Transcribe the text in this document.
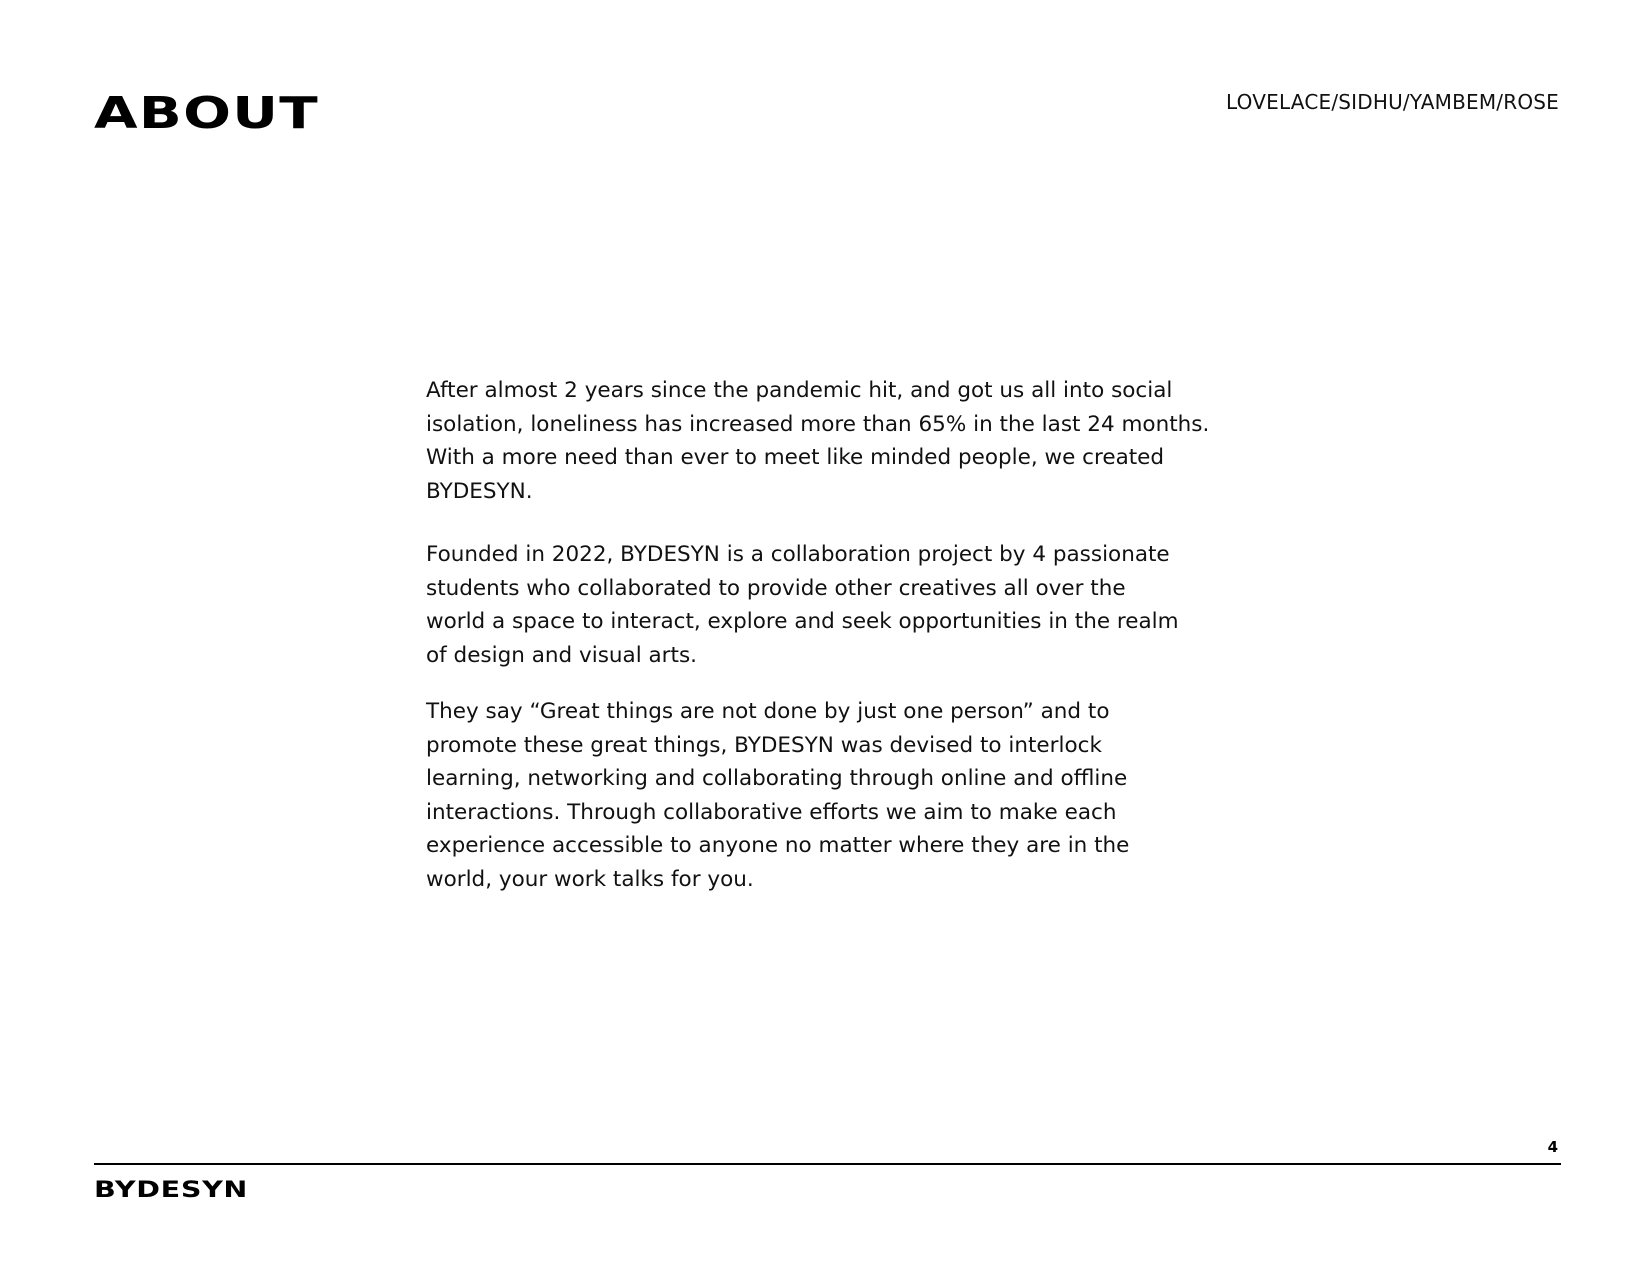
ABOUT	LOVELACE/SIDHU/YAMBEM/ROSE

After almost 2 years since the pandemic hit, and got us all into social
isolation, loneliness has increased more than 65% in the last 24 months.
With a more need than ever to meet like minded people, we created
BYDESYN.

Founded in 2022, BYDESYN is a collaboration project by 4 passionate
students who collaborated to provide other creatives all over the
world a space to interact, explore and seek opportunities in the realm
of design and visual arts.

They say “Great things are not done by just one person” and to
promote these great things, BYDESYN was devised to interlock
learning, networking and collaborating through online and offline
interactions. Through collaborative efforts we aim to make each
experience accessible to anyone no matter where they are in the
world, your work talks for you.

4
BYDESYN
